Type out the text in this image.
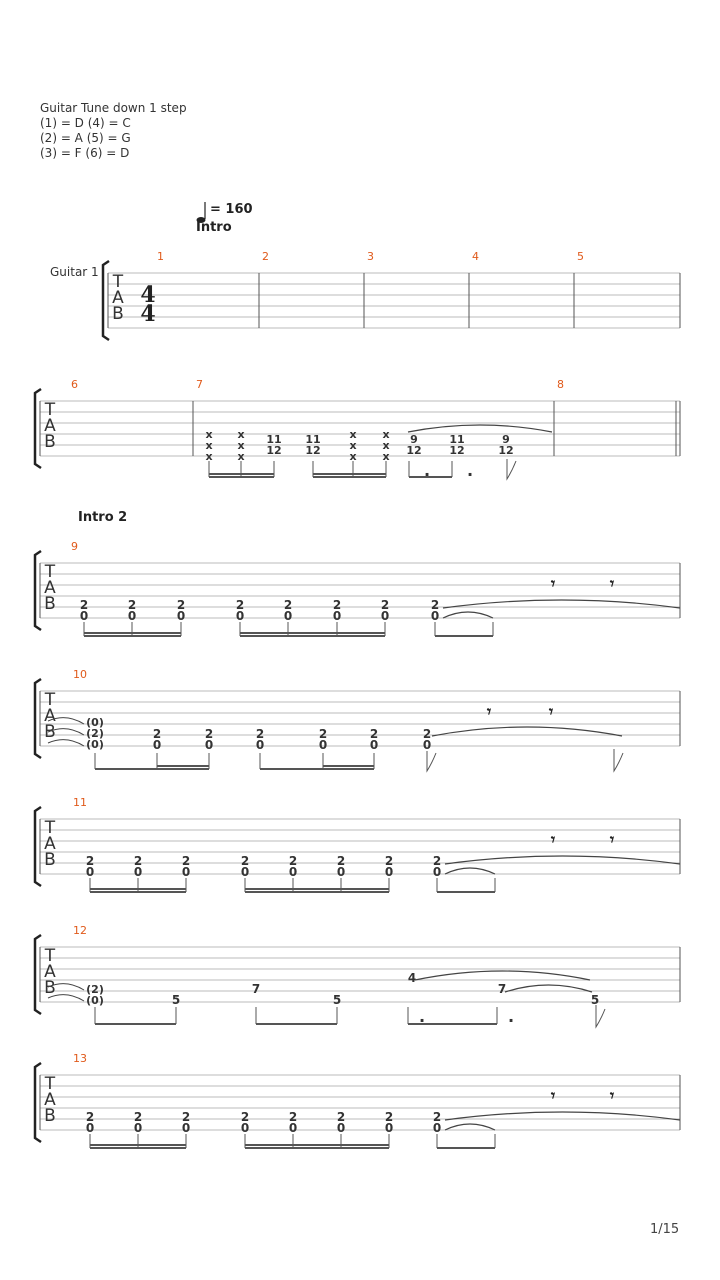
Guitar Tune down 1 step
(1) = D (4) = C
(2) = A (5) = G
(3) = F (6) = D
= 160
Intro
Intro 2
Guitar 1 T
A
B
1	2	3	4	5
4
4
T
A
B
6	7	8
T
A
B
9
T
A
B
10
T
A
B
11
T
A
B
12
T
A
B
13
x
x
x
x
x
x
11
12
11
12
x
x
x
x
x
x
9
12
11
12
9
12
. .
2
0
2
0
2
0
2
0
2
0
2
0
2
0
2
0
𝄾	𝄾
2
0
2
0
2
0
2
0
2
0
2
0
2
0
2
0
𝄾	𝄾
2
0
2
0
2
0
2
0
2
0
2
0
2
0
2
0
𝄾	𝄾
(0)
(2)
(0)
2
0
2
0
2
0
2
0
2
0
2
0
𝄾	𝄾
(2)
(0)	5
7
5
4
7
5
.	.
1/15
